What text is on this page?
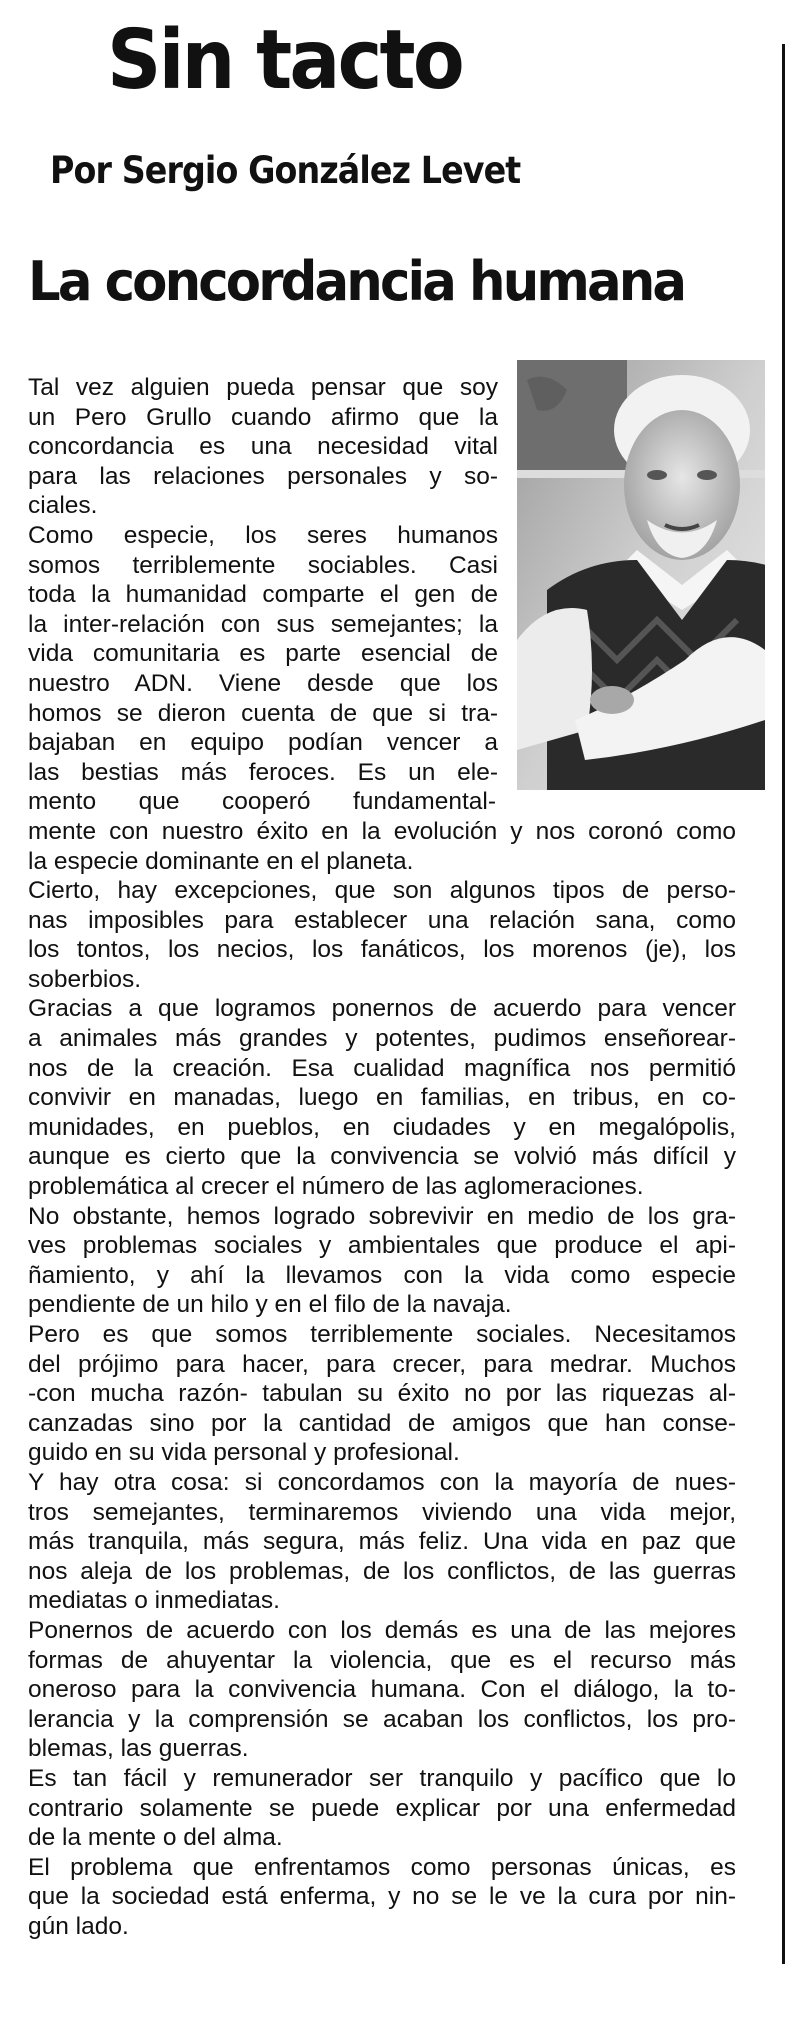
Sin tacto
Por Sergio González Levet
La concordancia humana
Tal vez alguien pueda pensar que soy
un Pero Grullo cuando afirmo que la
concordancia es una necesidad vital
para las relaciones personales y so-
ciales.
Como especie, los seres humanos
somos terriblemente sociables. Casi
toda la humanidad comparte el gen de
la inter-relación con sus semejantes; la
vida comunitaria es parte esencial de
nuestro ADN. Viene desde que los
homos se dieron cuenta de que si tra-
bajaban en equipo podían vencer a
las bestias más feroces. Es un ele-
mento que cooperó fundamental-
mente con nuestro éxito en la evolución y nos coronó como
la especie dominante en el planeta.
Cierto, hay excepciones, que son algunos tipos de perso-
nas imposibles para establecer una relación sana, como
los tontos, los necios, los fanáticos, los morenos (je), los
soberbios.
Gracias a que logramos ponernos de acuerdo para vencer
a animales más grandes y potentes, pudimos enseñorear-
nos de la creación. Esa cualidad magnífica nos permitió
convivir en manadas, luego en familias, en tribus, en co-
munidades, en pueblos, en ciudades y en megalópolis,
aunque es cierto que la convivencia se volvió más difícil y
problemática al crecer el número de las aglomeraciones.
No obstante, hemos logrado sobrevivir en medio de los gra-
ves problemas sociales y ambientales que produce el api-
ñamiento, y ahí la llevamos con la vida como especie
pendiente de un hilo y en el filo de la navaja.
Pero es que somos terriblemente sociales. Necesitamos
del prójimo para hacer, para crecer, para medrar. Muchos
-con mucha razón- tabulan su éxito no por las riquezas al-
canzadas sino por la cantidad de amigos que han conse-
guido en su vida personal y profesional.
Y hay otra cosa: si concordamos con la mayoría de nues-
tros semejantes, terminaremos viviendo una vida mejor,
más tranquila, más segura, más feliz. Una vida en paz que
nos aleja de los problemas, de los conflictos, de las guerras
mediatas o inmediatas.
Ponernos de acuerdo con los demás es una de las mejores
formas de ahuyentar la violencia, que es el recurso más
oneroso para la convivencia humana. Con el diálogo, la to-
lerancia y la comprensión se acaban los conflictos, los pro-
blemas, las guerras.
Es tan fácil y remunerador ser tranquilo y pacífico que lo
contrario solamente se puede explicar por una enfermedad
de la mente o del alma.
El problema que enfrentamos como personas únicas, es
que la sociedad está enferma, y no se le ve la cura por nin-
gún lado.
